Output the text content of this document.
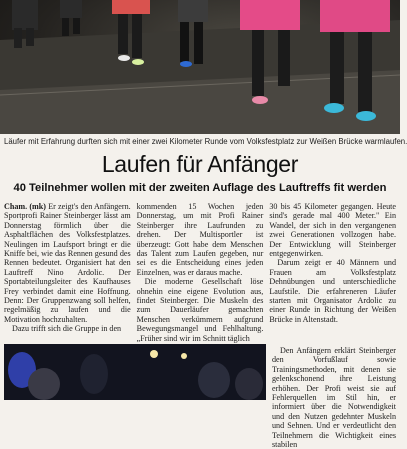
Läufer mit Erfahrung durften sich mit einer zwei Kilometer Runde vom Volksfestplatz zur Weißen Brücke warmlaufen.
Laufen für Anfänger
40 Teilnehmer wollen mit der zweiten Auflage des Lauftreffs fit werden

Cham. (mk) Er zeigt's den Anfängern. Sportprofi Rainer Steinberger lässt am Donnerstag förmlich über die Asphaltflächen des Volksfestplatzes. Neulingen im Laufsport bringt er die Kniffe bei, wie das Rennen gesund des Rennen bedeutet. Organisiert hat den Lauftreff Nino Ardolic. Der Sportabteilungsleiter des Kaufhauses Frey verbindet damit eine Hoffnung. Denn: Der Gruppenzwang soll helfen, regelmäßig zu laufen und die Motivation hochzuhalten.

Dazu trifft sich die Gruppe in den

kommenden 15 Wochen jeden Donnerstag, um mit Profi Rainer Steinberger ihre Laufrunden zu drehen. Der Multisportler ist überzeugt: Gott habe dem Menschen das Talent zum Laufen gegeben, nur sei es die Entscheidung eines jeden Einzelnen, was er daraus mache.

Die moderne Gesellschaft löse ohnehin eine eigene Evolution aus, findet Steinberger. Die Muskeln des zum Dauerläufer gemachten Menschen verkümmern aufgrund Bewegungsmangel und Fehlhaltung. „Früher sind wir im Schnitt täglich

30 bis 45 Kilometer gegangen. Heute sind's gerade mal 400 Meter." Ein Wandel, der sich in den vergangenen zwei Generationen vollzogen habe. Der Entwicklung will Steinberger entgegenwirken.

Darum zeigt er 40 Männern und Frauen am Volksfestplatz Dehnübungen und unterschiedliche Laufstile. Die erfahreneren Läufer starten mit Organisator Ardolic zu einer Runde in Richtung der Weißen Brücke in Altenstadt.

Den Anfängern erklärt Steinberger den Vorfußlauf sowie Trainingsmethoden, mit denen sie gelenkschonend ihre Leistung erhöhen. Der Profi weist sie auf Fehlerquellen im Stil hin, er informiert über die Notwendigkeit und den Nutzen gedehnter Muskeln und Sehnen. Und er verdeutlicht den Teilnehmern die Wichtigkeit eines stabilen
